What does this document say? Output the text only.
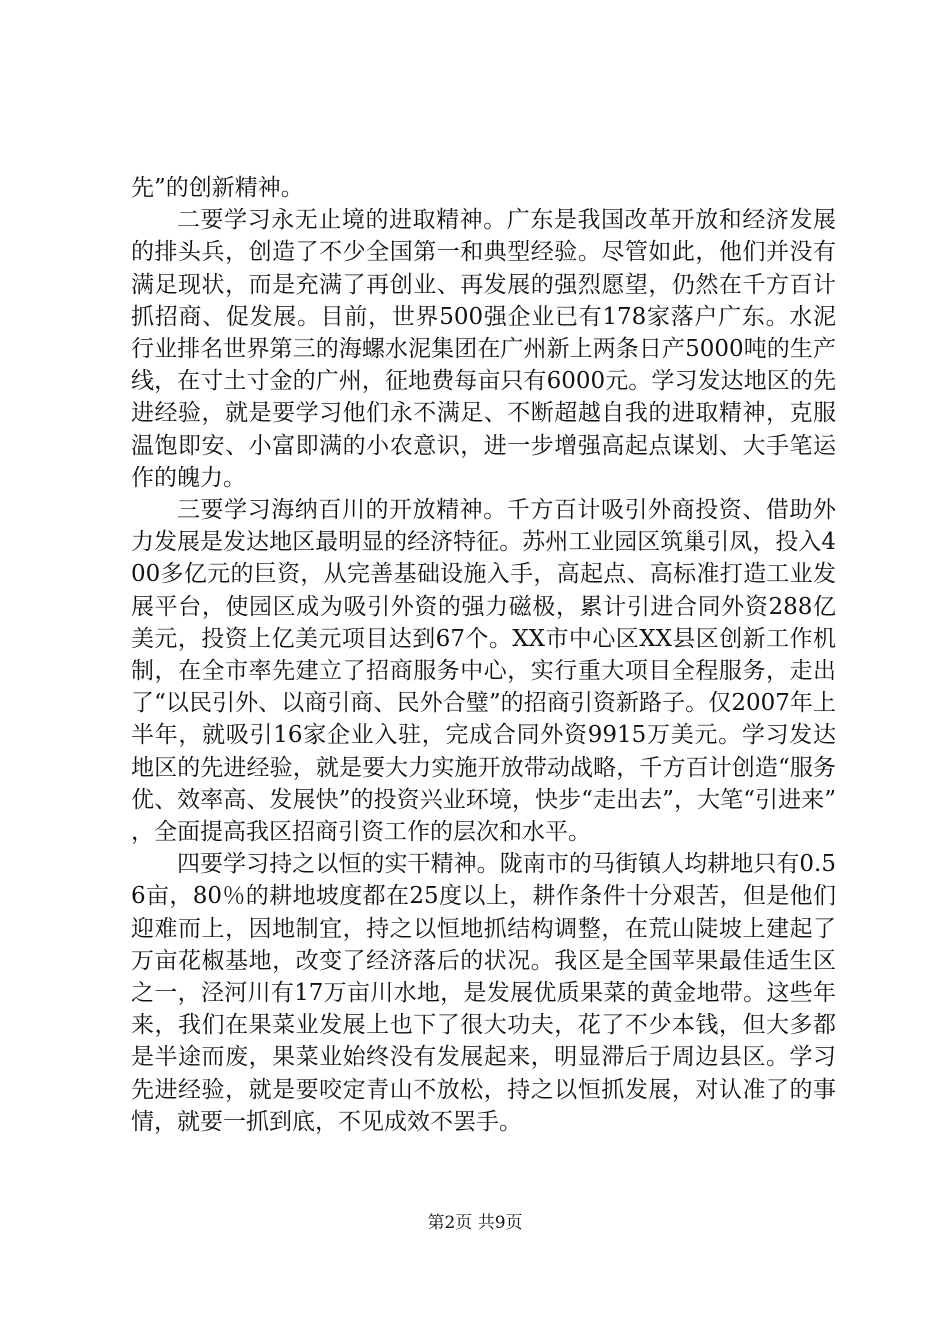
先”的创新精神。

二要学习永无止境的进取精神。广东是我国改革开放和经济发展的排头兵，创造了不少全国第一和典型经验。尽管如此，他们并没有满足现状，而是充满了再创业、再发展的强烈愿望，仍然在千方百计抓招商、促发展。目前，世界500强企业已有178家落户广东。水泥行业排名世界第三的海螺水泥集团在广州新上两条日产5000吨的生产线，在寸土寸金的广州，征地费每亩只有6000元。学习发达地区的先进经验，就是要学习他们永不满足、不断超越自我的进取精神，克服温饱即安、小富即满的小农意识，进一步增强高起点谋划、大手笔运作的魄力。

三要学习海纳百川的开放精神。千方百计吸引外商投资、借助外力发展是发达地区最明显的经济特征。苏州工业园区筑巢引凤，投入400多亿元的巨资，从完善基础设施入手，高起点、高标准打造工业发展平台，使园区成为吸引外资的强力磁极，累计引进合同外资288亿美元，投资上亿美元项目达到67个。XX市中心区XX县区创新工作机制，在全市率先建立了招商服务中心，实行重大项目全程服务，走出了“以民引外、以商引商、民外合璧”的招商引资新路子。仅2007年上半年，就吸引16家企业入驻，完成合同外资9915万美元。学习发达地区的先进经验，就是要大力实施开放带动战略，千方百计创造“服务优、效率高、发展快”的投资兴业环境，快步“走出去”，大笔“引进来”，全面提高我区招商引资工作的层次和水平。

四要学习持之以恒的实干精神。陇南市的马街镇人均耕地只有0.56亩，80％的耕地坡度都在25度以上，耕作条件十分艰苦，但是他们迎难而上，因地制宜，持之以恒地抓结构调整，在荒山陡坡上建起了万亩花椒基地，改变了经济落后的状况。我区是全国苹果最佳适生区之一，泾河川有17万亩川水地，是发展优质果菜的黄金地带。这些年来，我们在果菜业发展上也下了很大功夫，花了不少本钱，但大多都是半途而废，果菜业始终没有发展起来，明显滞后于周边县区。学习先进经验，就是要咬定青山不放松，持之以恒抓发展，对认准了的事情，就要一抓到底，不见成效不罢手。

第2页 共9页
